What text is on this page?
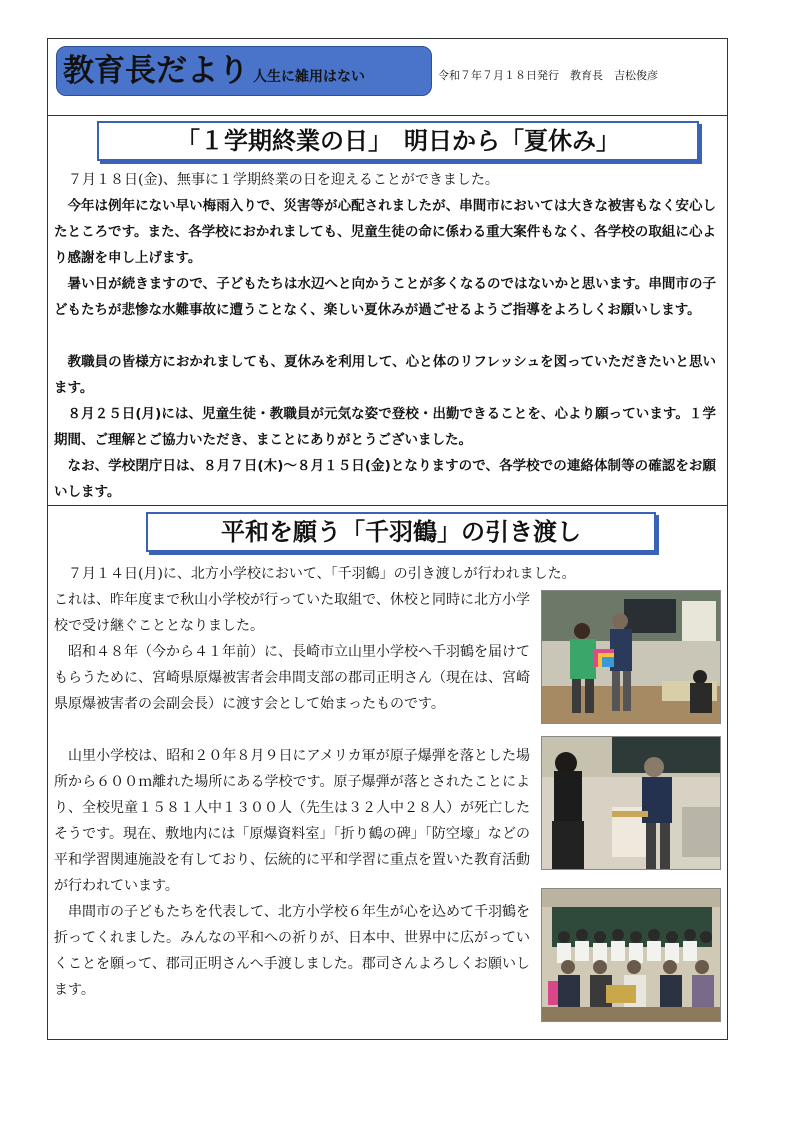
教育長だより 人生に雑用はない	令和７年７月１８日発行　教育長　吉松俊彦
「１学期終業の日」　明日から「夏休み」
　７月１８日(金)、無事に１学期終業の日を迎えることができました。
　今年は例年にない早い梅雨入りで、災害等が心配されましたが、串間市においては大きな被害もなく安心したところです。また、各学校におかれましても、児童生徒の命に係わる重大案件もなく、各学校の取組に心より感謝を申し上げます。
　暑い日が続きますので、子どもたちは水辺へと向かうことが多くなるのではないかと思います。串間市の子どもたちが悲惨な水難事故に遭うことなく、楽しい夏休みが過ごせるようご指導をよろしくお願いします。
　教職員の皆様方におかれましても、夏休みを利用して、心と体のリフレッシュを図っていただきたいと思います。
　８月２５日(月)には、児童生徒・教職員が元気な姿で登校・出勤できることを、心より願っています。１学期間、ご理解とご協力いただき、まことにありがとうございました。
　なお、学校閉庁日は、８月７日(木)～８月１５日(金)となりますので、各学校での連絡体制等の確認をお願いします。
平和を願う「千羽鶴」の引き渡し
　７月１４日(月)に、北方小学校において、「千羽鶴」の引き渡しが行われました。
これは、昨年度まで秋山小学校が行っていた取組で、休校と同時に北方小学校で受け継ぐこととなりました。
　昭和４８年（今から４１年前）に、長崎市立山里小学校へ千羽鶴を届けてもらうために、宮崎県原爆被害者会串間支部の郡司正明さん（現在は、宮崎県原爆被害者の会副会長）に渡す会として始まったものです。
　山里小学校は、昭和２０年８月９日にアメリカ軍が原子爆弾を落とした場所から６００ｍ離れた場所にある学校です。原子爆弾が落とされたことにより、全校児童１５８１人中１３００人（先生は３２人中２８人）が死亡したそうです。現在、敷地内には「原爆資料室」「折り鶴の碑」「防空壕」などの平和学習関連施設を有しており、伝統的に平和学習に重点を置いた教育活動が行われています。
　串間市の子どもたちを代表して、北方小学校６年生が心を込めて千羽鶴を折ってくれました。みんなの平和への祈りが、日本中、世界中に広がっていくことを願って、郡司正明さんへ手渡しました。郡司さんよろしくお願いします。
